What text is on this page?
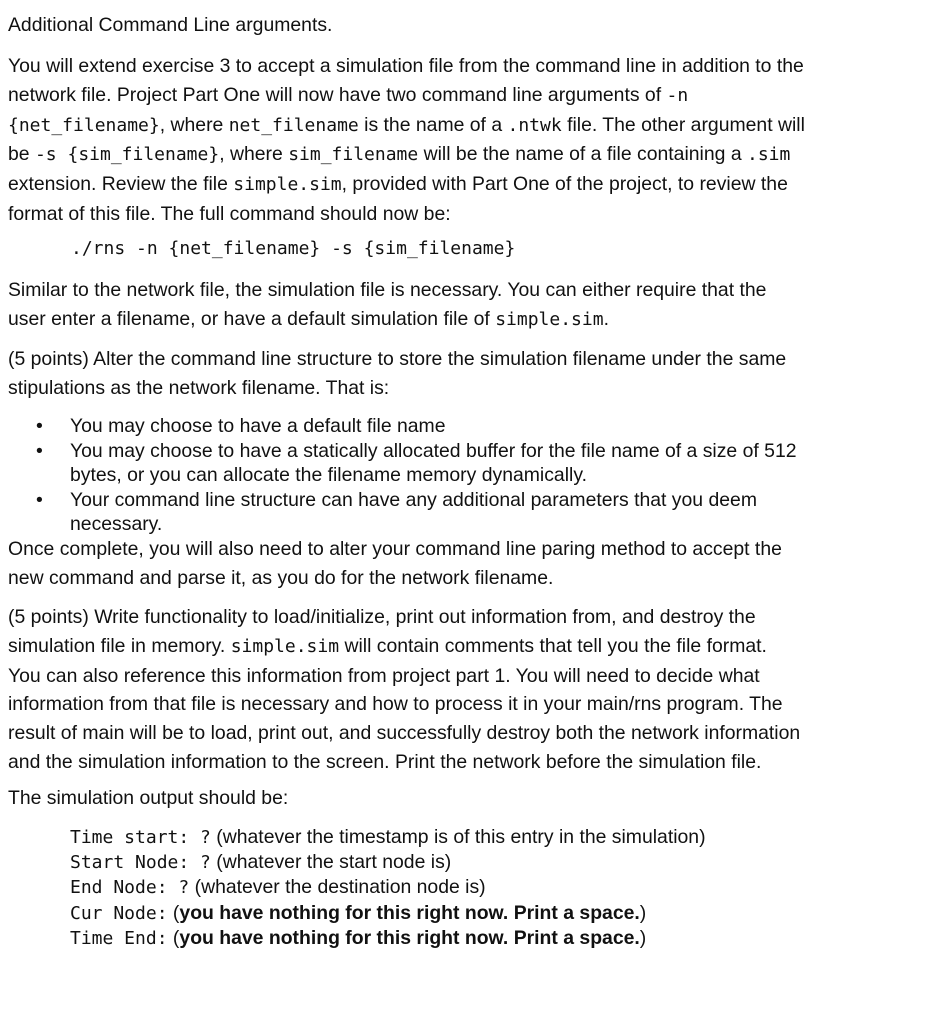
Additional Command Line arguments.

You will extend exercise 3 to accept a simulation file from the command line in addition to the
network file. Project Part One will now have two command line arguments of -n
{net_filename}, where net_filename is the name of a .ntwk file. The other argument will
be -s {sim_filename}, where sim_filename will be the name of a file containing a .sim
extension. Review the file simple.sim, provided with Part One of the project, to review the
format of this file. The full command should now be:
./rns -n {net_filename} -s {sim_filename}
Similar to the network file, the simulation file is necessary. You can either require that the
user enter a filename, or have a default simulation file of simple.sim.
(5 points) Alter the command line structure to store the simulation filename under the same
stipulations as the network filename. That is:
• You may choose to have a default file name
• You may choose to have a statically allocated buffer for the file name of a size of 512
bytes, or you can allocate the filename memory dynamically.
• Your command line structure can have any additional parameters that you deem
necessary.
Once complete, you will also need to alter your command line paring method to accept the
new command and parse it, as you do for the network filename.
(5 points) Write functionality to load/initialize, print out information from, and destroy the
simulation file in memory. simple.sim will contain comments that tell you the file format.
You can also reference this information from project part 1. You will need to decide what
information from that file is necessary and how to process it in your main/rns program. The
result of main will be to load, print out, and successfully destroy both the network information
and the simulation information to the screen. Print the network before the simulation file.

The simulation output should be:

Time start: ? (whatever the timestamp is of this entry in the simulation)
Start Node: ? (whatever the start node is)
End Node: ? (whatever the destination node is)
Cur Node: (you have nothing for this right now. Print a space.)
Time End: (you have nothing for this right now. Print a space.)
